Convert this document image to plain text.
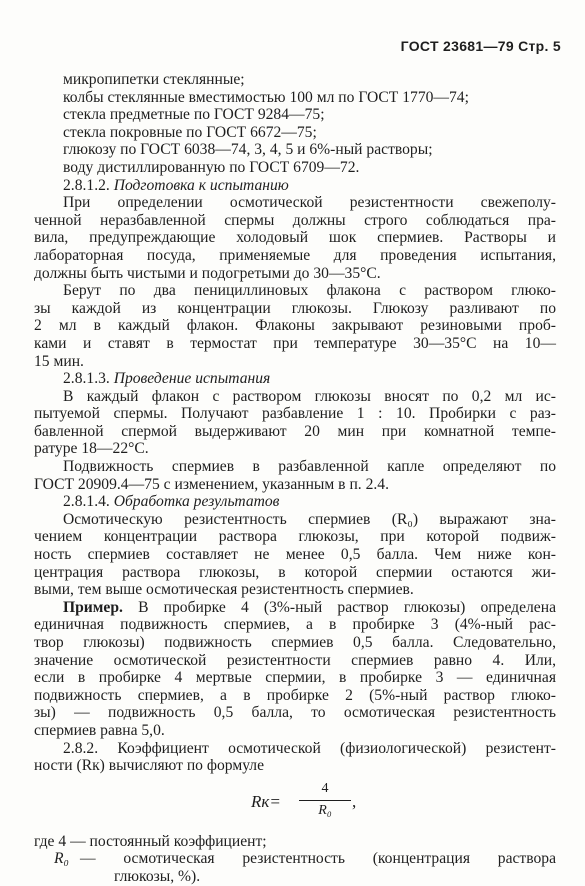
ГОСТ 23681—79 Стр. 5
микропипетки стеклянные;
колбы стеклянные вместимостью 100 мл по ГОСТ 1770—74;
стекла предметные по ГОСТ 9284—75;
стекла покровные по ГОСТ 6672—75;
глюкозу по ГОСТ 6038—74, 3, 4, 5 и 6%-ный растворы;
воду дистиллированную по ГОСТ 6709—72.
2.8.1.2. Подготовка к испытанию
При определении осмотической резистентности свежеполу-
ченной неразбавленной спермы должны строго соблюдаться пра-
вила, предупреждающие холодовый шок спермиев. Растворы и
лабораторная посуда, применяемые для проведения испытания,
должны быть чистыми и подогретыми до 30—35°С.
Берут по два пенициллиновых флакона с раствором глюко-
зы каждой из концентрации глюкозы. Глюкозу разливают по
2 мл в каждый флакон. Флаконы закрывают резиновыми проб-
ками и ставят в термостат при температуре 30—35°С на 10—
15 мин.
2.8.1.3. Проведение испытания
В каждый флакон с раствором глюкозы вносят по 0,2 мл ис-
пытуемой спермы. Получают разбавление 1 : 10. Пробирки с раз-
бавленной спермой выдерживают 20 мин при комнатной темпе-
ратуре 18—22°С.
Подвижность спермиев в разбавленной капле определяют по
ГОСТ 20909.4—75 с изменением, указанным в п. 2.4.
2.8.1.4. Обработка результатов
Осмотическую резистентность спермиев (R₀) выражают зна-
чением концентрации раствора глюкозы, при которой подвиж-
ность спермиев составляет не менее 0,5 балла. Чем ниже кон-
центрация раствора глюкозы, в которой спермии остаются жи-
выми, тем выше осмотическая резистентность спермиев.
Пример. В пробирке 4 (3%-ный раствор глюкозы) определена
единичная подвижность спермиев, а в пробирке 3 (4%-ный рас-
твор глюкозы) подвижность спермиев 0,5 балла. Следовательно,
значение осмотической резистентности спермиев равно 4. Или,
если в пробирке 4 мертвые спермии, в пробирке 3 — единичная
подвижность спермиев, а в пробирке 2 (5%-ный раствор глюко-
зы) — подвижность 0,5 балла, то осмотическая резистентность
спермиев равна 5,0.
2.8.2. Коэффициент осмотической (физиологической) резистент-
ности (Rк) вычисляют по формуле
Rк=
4
R₀	,
где 4 — постоянный коэффициент;
R₀ — осмотическая резистентность (концентрация раствора
глюкозы, %).
